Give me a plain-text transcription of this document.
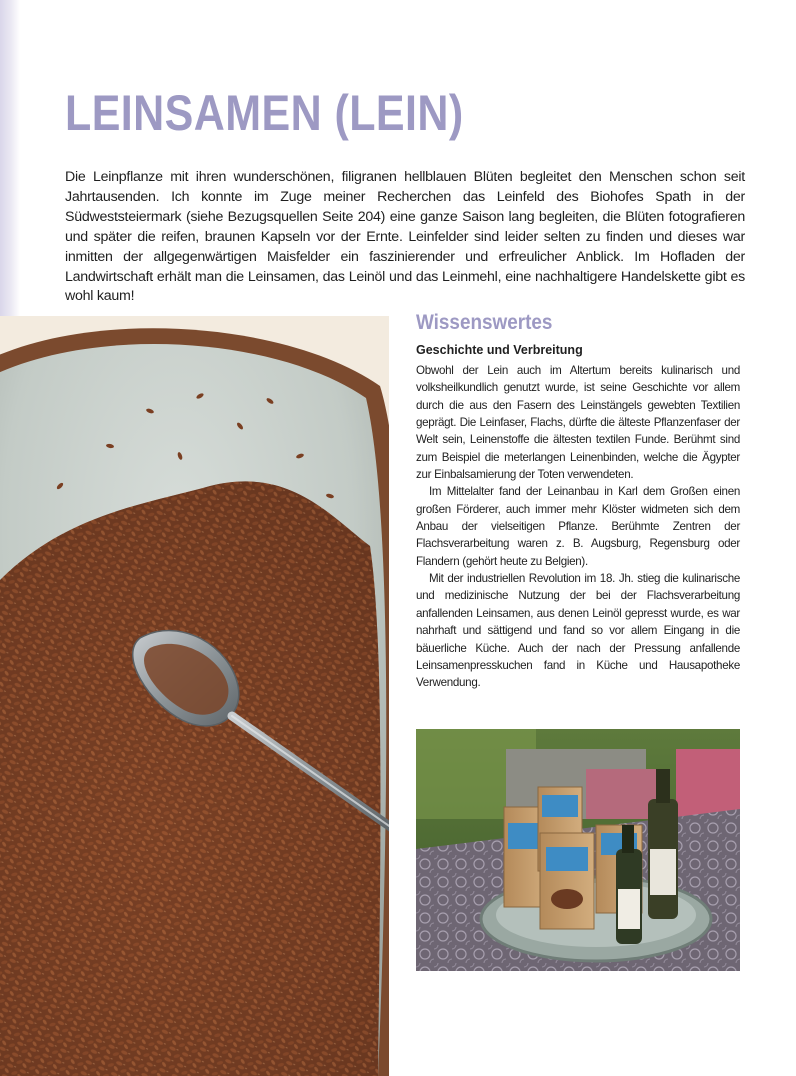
LEINSAMEN (LEIN)

Die Leinpflanze mit ihren wunderschönen, filigranen hellblauen Blüten begleitet den Menschen schon seit Jahrtausenden. Ich konnte im Zuge meiner Recherchen das Leinfeld des Biohofes Spath in der Südweststeiermark (siehe Bezugsquellen Seite 204) eine ganze Saison lang begleiten, die Blüten fotografieren und später die reifen, braunen Kapseln vor der Ernte. Leinfelder sind leider selten zu finden und dieses war inmitten der allgegenwärtigen Maisfelder ein faszinierender und erfreulicher Anblick. Im Hofladen der Landwirtschaft erhält man die Leinsamen, das Leinöl und das Leinmehl, eine nachhaltigere Handelskette gibt es wohl kaum!

Wissenswertes
Geschichte und Verbreitung

Obwohl der Lein auch im Altertum bereits kulinarisch und volksheilkundlich genutzt wurde, ist seine Geschichte vor allem durch die aus den Fasern des Leinstängels gewebten Textilien geprägt. Die Leinfaser, Flachs, dürfte die älteste Pflanzenfaser der Welt sein, Leinenstoffe die ältesten textilen Funde. Berühmt sind zum Beispiel die meterlangen Leinenbinden, welche die Ägypter zur Einbalsamierung der Toten verwendeten.

Im Mittelalter fand der Leinanbau in Karl dem Großen einen großen Förderer, auch immer mehr Klöster widmeten sich dem Anbau der vielseitigen Pflanze. Berühmte Zentren der Flachsverarbeitung waren z. B. Augsburg, Regensburg oder Flandern (gehört heute zu Belgien).

Mit der industriellen Revolution im 18. Jh. stieg die kulinarische und medizinische Nutzung der bei der Flachsverarbeitung anfallenden Leinsamen, aus denen Leinöl gepresst wurde, es war nahrhaft und sättigend und fand so vor allem Eingang in die bäuerliche Küche. Auch der nach der Pressung anfallende Leinsamenpresskuchen fand in Küche und Hausapotheke Verwendung.
